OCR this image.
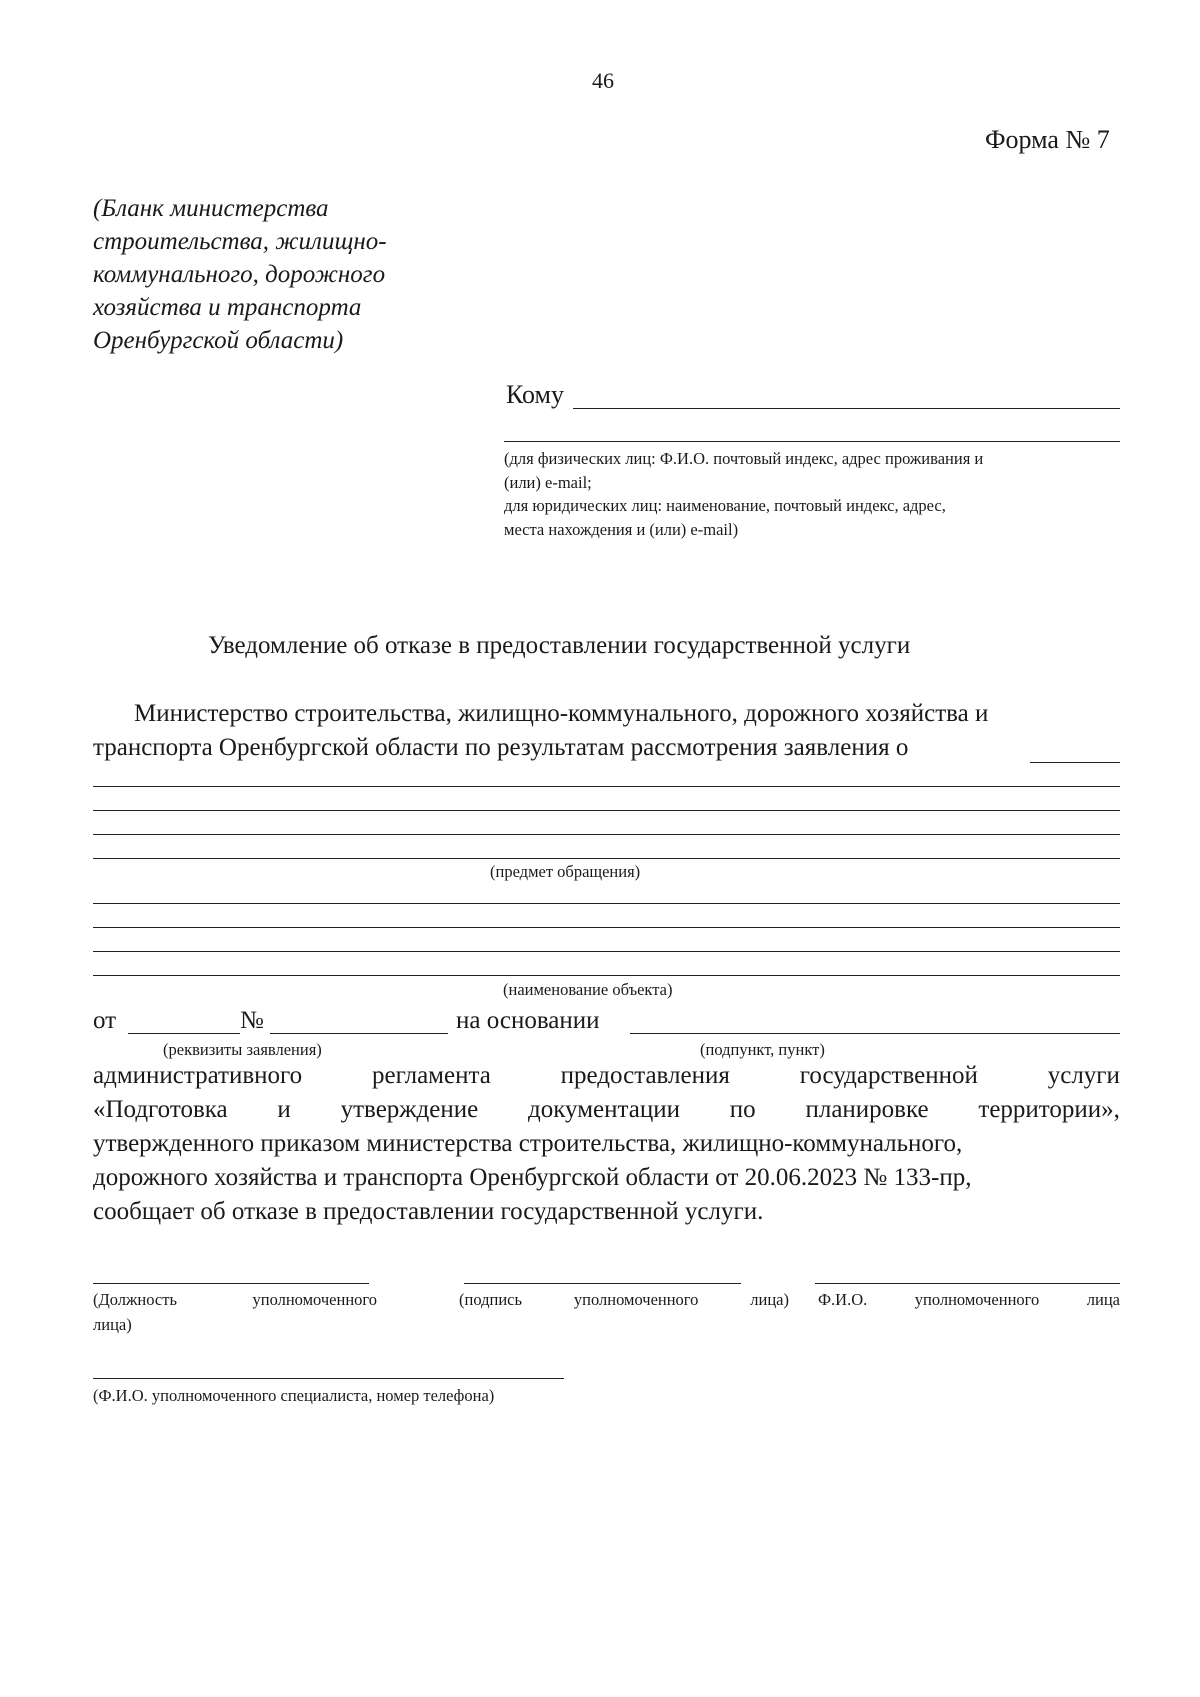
46
Форма № 7
(Бланк министерства
строительства, жилищно-
коммунального, дорожного
хозяйства и транспорта
Оренбургской области)
Кому
(для физических лиц: Ф.И.О. почтовый индекс, адрес проживания и
(или) e-mail;
для юридических лиц: наименование, почтовый индекс, адрес,
места нахождения и (или) e-mail)
Уведомление об отказе в предоставлении государственной услуги
Министерство строительства, жилищно-коммунального, дорожного хозяйства и
транспорта Оренбургской области по результатам рассмотрения заявления о
(предмет обращения)
(наименование объекта)
от	№	на основании
(реквизиты заявления)	(подпункт, пункт)
административного	регламента	предоставления	государственной	услуги
«Подготовка и утверждение документации по планировке территории»,
утвержденного приказом министерства строительства, жилищно-коммунального,
дорожного хозяйства и транспорта Оренбургской области от 20.06.2023 № 133-пр,
сообщает об отказе в предоставлении государственной услуги.
(Должность	уполномоченного
лица)
(подпись	уполномоченного	лица) Ф.И.О.	уполномоченного	лица
(Ф.И.О. уполномоченного специалиста, номер телефона)
